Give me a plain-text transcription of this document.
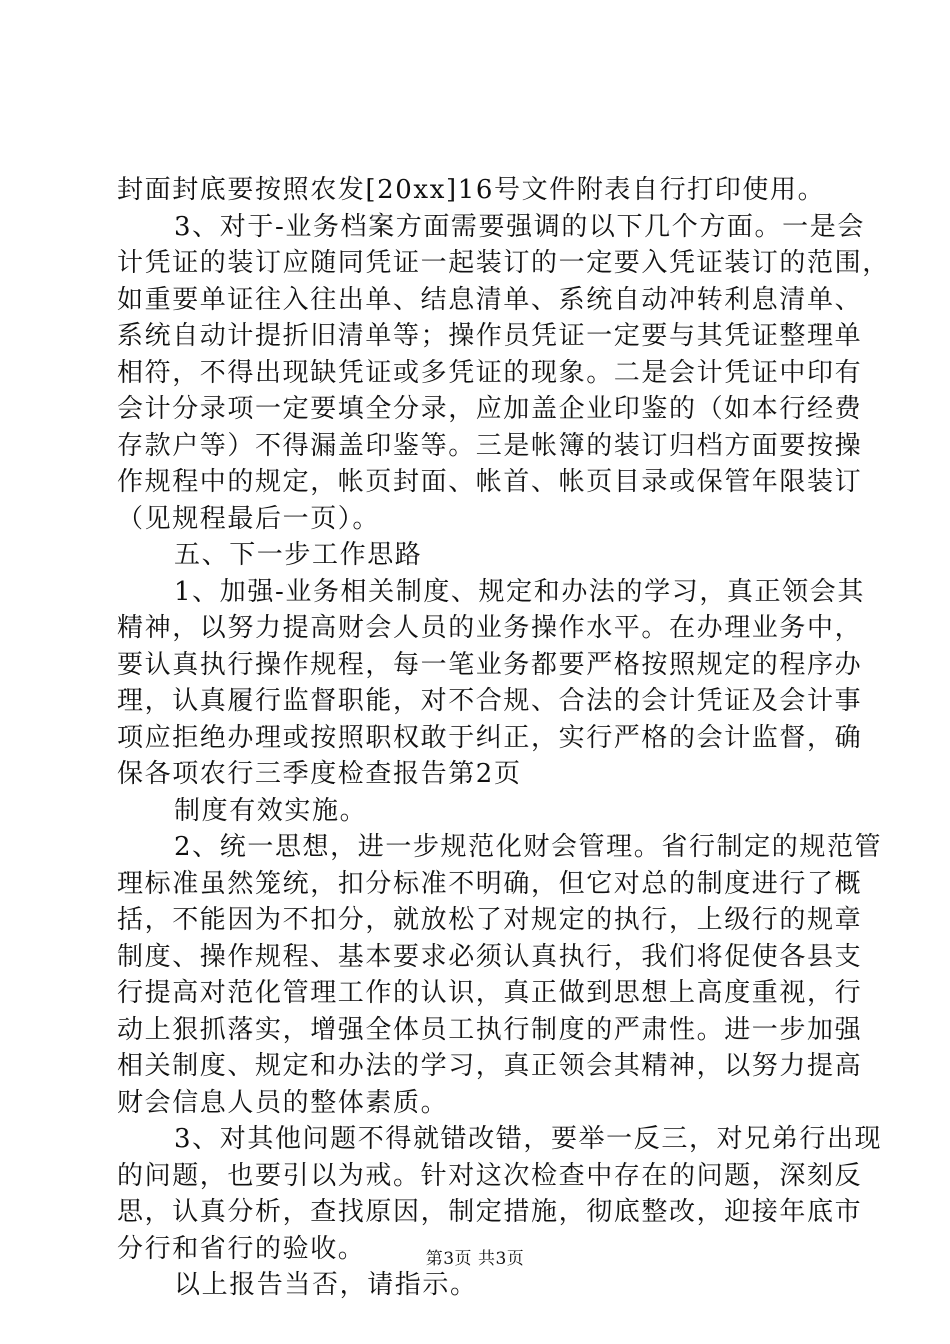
封面封底要按照农发[20xx]16号文件附表自行打印使用。
3、对于-业务档案方面需要强调的以下几个方面。一是会
计凭证的装订应随同凭证一起装订的一定要入凭证装订的范围，
如重要单证往入往出单、结息清单、系统自动冲转利息清单、
系统自动计提折旧清单等；操作员凭证一定要与其凭证整理单
相符，不得出现缺凭证或多凭证的现象。二是会计凭证中印有
会计分录项一定要填全分录，应加盖企业印鉴的（如本行经费
存款户等）不得漏盖印鉴等。三是帐簿的装订归档方面要按操
作规程中的规定，帐页封面、帐首、帐页目录或保管年限装订
（见规程最后一页）。
五、下一步工作思路
1、加强-业务相关制度、规定和办法的学习，真正领会其
精神，以努力提高财会人员的业务操作水平。在办理业务中，
要认真执行操作规程，每一笔业务都要严格按照规定的程序办
理，认真履行监督职能，对不合规、合法的会计凭证及会计事
项应拒绝办理或按照职权敢于纠正，实行严格的会计监督，确
保各项农行三季度检查报告第2页
制度有效实施。
2、统一思想，进一步规范化财会管理。省行制定的规范管
理标准虽然笼统，扣分标准不明确，但它对总的制度进行了概
括，不能因为不扣分，就放松了对规定的执行，上级行的规章
制度、操作规程、基本要求必须认真执行，我们将促使各县支
行提高对范化管理工作的认识，真正做到思想上高度重视，行
动上狠抓落实，增强全体员工执行制度的严肃性。进一步加强
相关制度、规定和办法的学习，真正领会其精神，以努力提高
财会信息人员的整体素质。
3、对其他问题不得就错改错，要举一反三，对兄弟行出现
的问题，也要引以为戒。针对这次检查中存在的问题，深刻反
思，认真分析，查找原因，制定措施，彻底整改，迎接年底市
分行和省行的验收。
以上报告当否，请指示。
第3页 共3页
